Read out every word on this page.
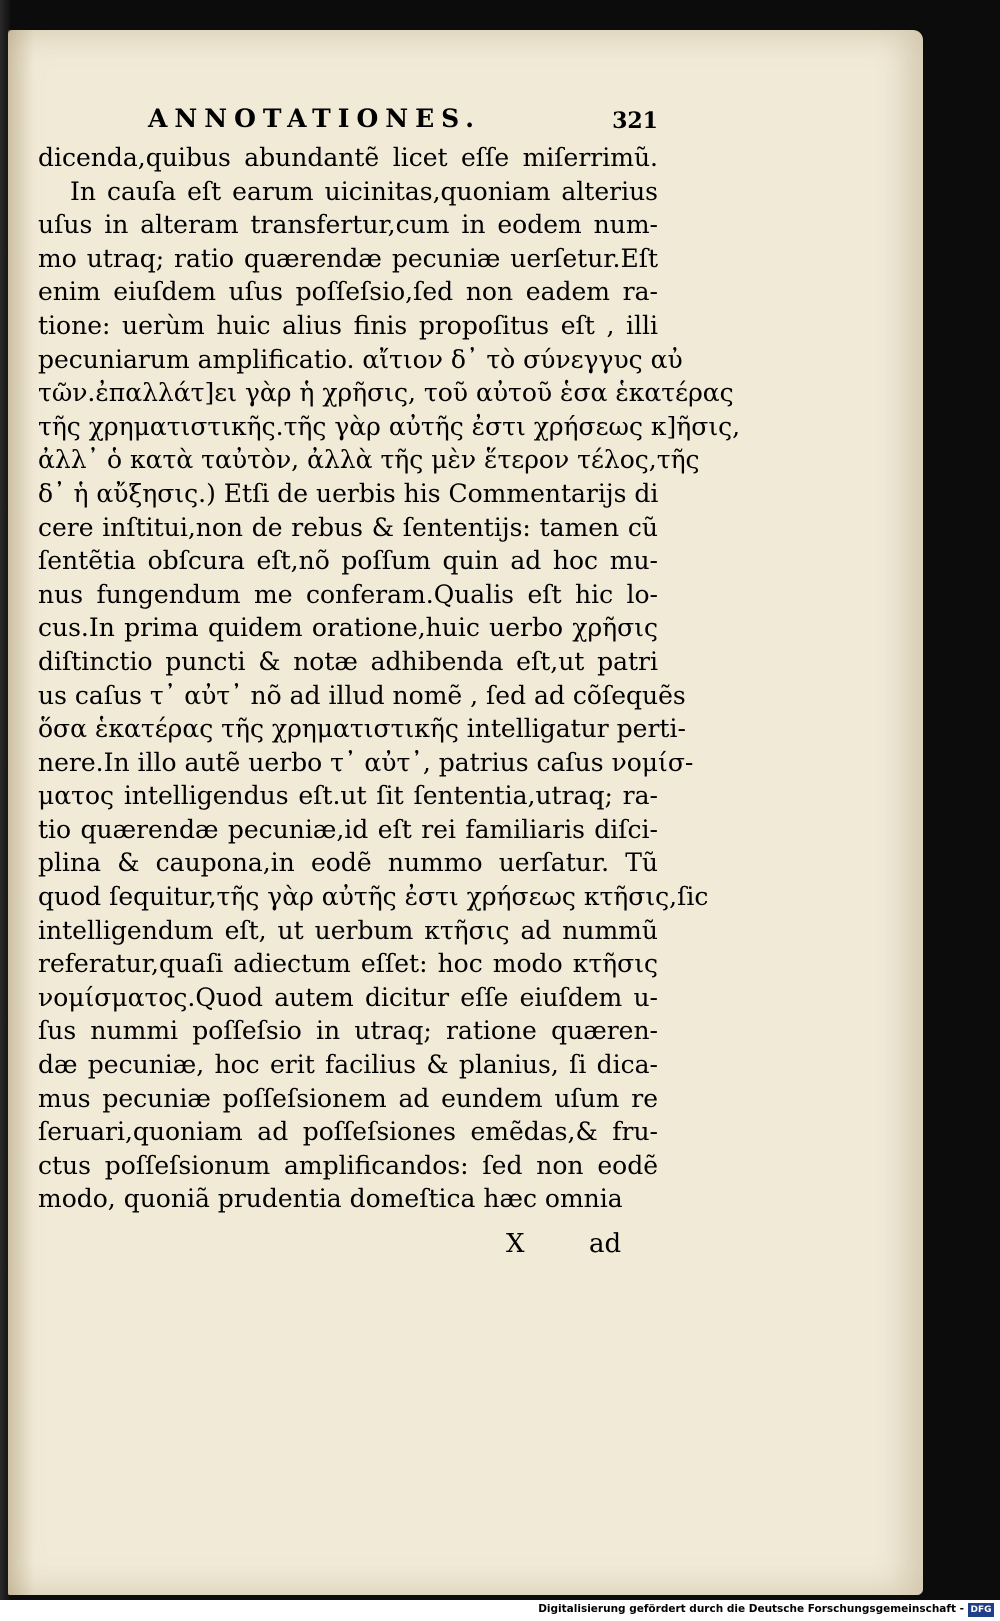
ANNOTATIONES.	321
dicenda,quibus abundantẽ licet eſſe miſerrimũ.
In cauſa eſt earum uicinitas,quoniam alterius
uſus in alteram transfertur,cum in eodem num-
mo utraq; ratio quærendæ pecuniæ uerſetur.Eſt
enim eiuſdem uſus poſſeſsio,ſed non eadem ra-
tione: uerùm huic alius finis propoſitus eſt , illi
pecuniarum amplificatio. αἴτιον δ᾽ τὸ σύνεγγυς αὐ
τῶν.ἐπαλλάτ]ει γὰρ ἡ χρῆσις, τοῦ αὐτοῦ ἑσα ἑκατέρας
τῆς χρηματιστικῆς.τῆς γὰρ αὐτῆς ἐστι χρήσεως κ]ῆσις,
ἀλλ᾽ ὁ κατὰ ταὐτὸν, ἀλλὰ τῆς μὲν ἕτερον τέλος,τῆς
δ᾽ ἡ αὔξησις.) Etſi de uerbis his Commentarijs di
cere inſtitui,non de rebus & ſententijs: tamen cũ
ſentẽtia obſcura eſt,nõ poſſum quin ad hoc mu-
nus fungendum me conferam.Qualis eſt hic lo-
cus.In prima quidem oratione,huic uerbo χρῆσις
diſtinctio puncti & notæ adhibenda eſt,ut patri
us caſus τ᾽ αὐτ᾽ nõ ad illud nomẽ , ſed ad cõſequẽs
ὅσα ἑκατέρας τῆς χρηματιστικῆς intelligatur perti-
nere.In illo autẽ uerbo τ᾽ αὐτ᾽, patrius caſus νομίσ-
ματος intelligendus eſt.ut ſit ſententia,utraq; ra-
tio quærendæ pecuniæ,id eſt rei familiaris diſci-
plina & caupona,in eodẽ nummo uerſatur. Tũ
quod ſequitur,τῆς γὰρ αὐτῆς ἐστι χρήσεως κτῆσις,ſic
intelligendum eſt, ut uerbum κτῆσις ad nummũ
referatur,quaſi adiectum eſſet: hoc modo κτῆσις
νομίσματος.Quod autem dicitur eſſe eiuſdem u-
ſus nummi poſſeſsio in utraq; ratione quæren-
dæ pecuniæ, hoc erit facilius & planius, ſi dica-
mus pecuniæ poſſeſsionem ad eundem uſum re
ſeruari,quoniam ad poſſeſsiones emẽdas,& fru-
ctus poſſeſsionum amplificandos: ſed non eodẽ
modo, quoniã prudentia domeſtica hæc omnia
X ad
Digitalisierung gefördert durch die Deutsche Forschungsgemeinschaft - DFG
